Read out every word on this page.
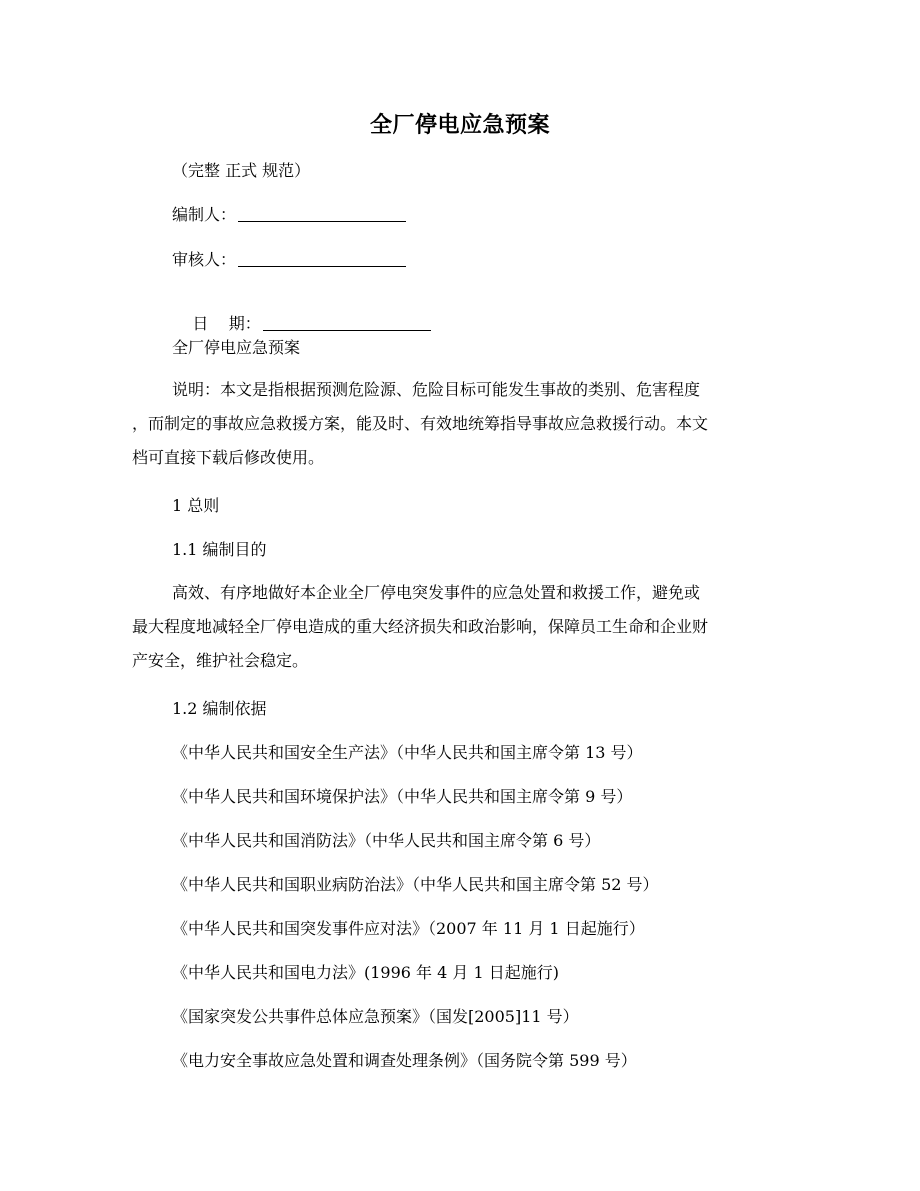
全厂停电应急预案
（完整 正式 规范）
编制人：
审核人：

日    期：

全厂停电应急预案
说明：本文是指根据预测危险源、危险目标可能发生事故的类别、危害程度
，而制定的事故应急救援方案，能及时、有效地统筹指导事故应急救援行动。本文
档可直接下载后修改使用。
1 总则
1.1 编制目的
高效、有序地做好本企业全厂停电突发事件的应急处置和救援工作，避免或
最大程度地减轻全厂停电造成的重大经济损失和政治影响，保障员工生命和企业财
产安全，维护社会稳定。
1.2 编制依据
《中华人民共和国安全生产法》（中华人民共和国主席令第 13 号）
《中华人民共和国环境保护法》（中华人民共和国主席令第 9 号）
《中华人民共和国消防法》（中华人民共和国主席令第 6 号）
《中华人民共和国职业病防治法》（中华人民共和国主席令第 52 号）
《中华人民共和国突发事件应对法》（2007 年 11 月 1 日起施行）
《中华人民共和国电力法》(1996 年 4 月 1 日起施行)
《国家突发公共事件总体应急预案》（国发[2005]11 号）
《电力安全事故应急处置和调查处理条例》（国务院令第 599 号）
